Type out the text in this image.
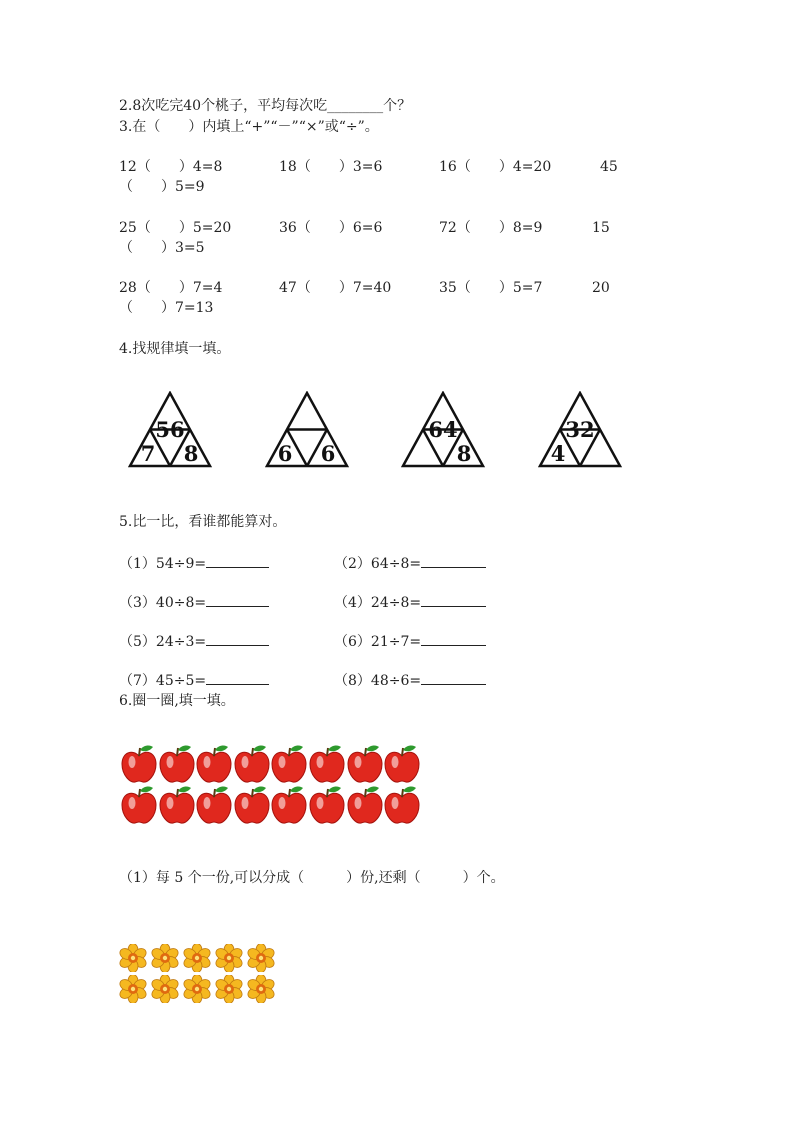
2.8次吃完40个桃子，平均每次吃________个？
3.在（　　）内填上“+”“－”“×”或“÷”。
12（　　）4=8	18（　　）3=6	16（　　）4=20	45
（　　）5=9
25（　　）5=20	36（　　）6=6	72（　　）8=9	15
（　　）3=5
28（　　）7=4	47（　　）7=40	35（　　）5=7	20
（　　）7=13
4.找规律填一填。
56
7 8	6 6
64
8
32
4
5.比一比，看谁都能算对。
（1）54÷9=	（2）64÷8=
（3）40÷8=	（4）24÷8=
（5）24÷3=	（6）21÷7=
（7）45÷5=	（8）48÷6=
6.圈一圈,填一填。
（1）每 5 个一份,可以分成（　　　）份,还剩（　　　）个。
